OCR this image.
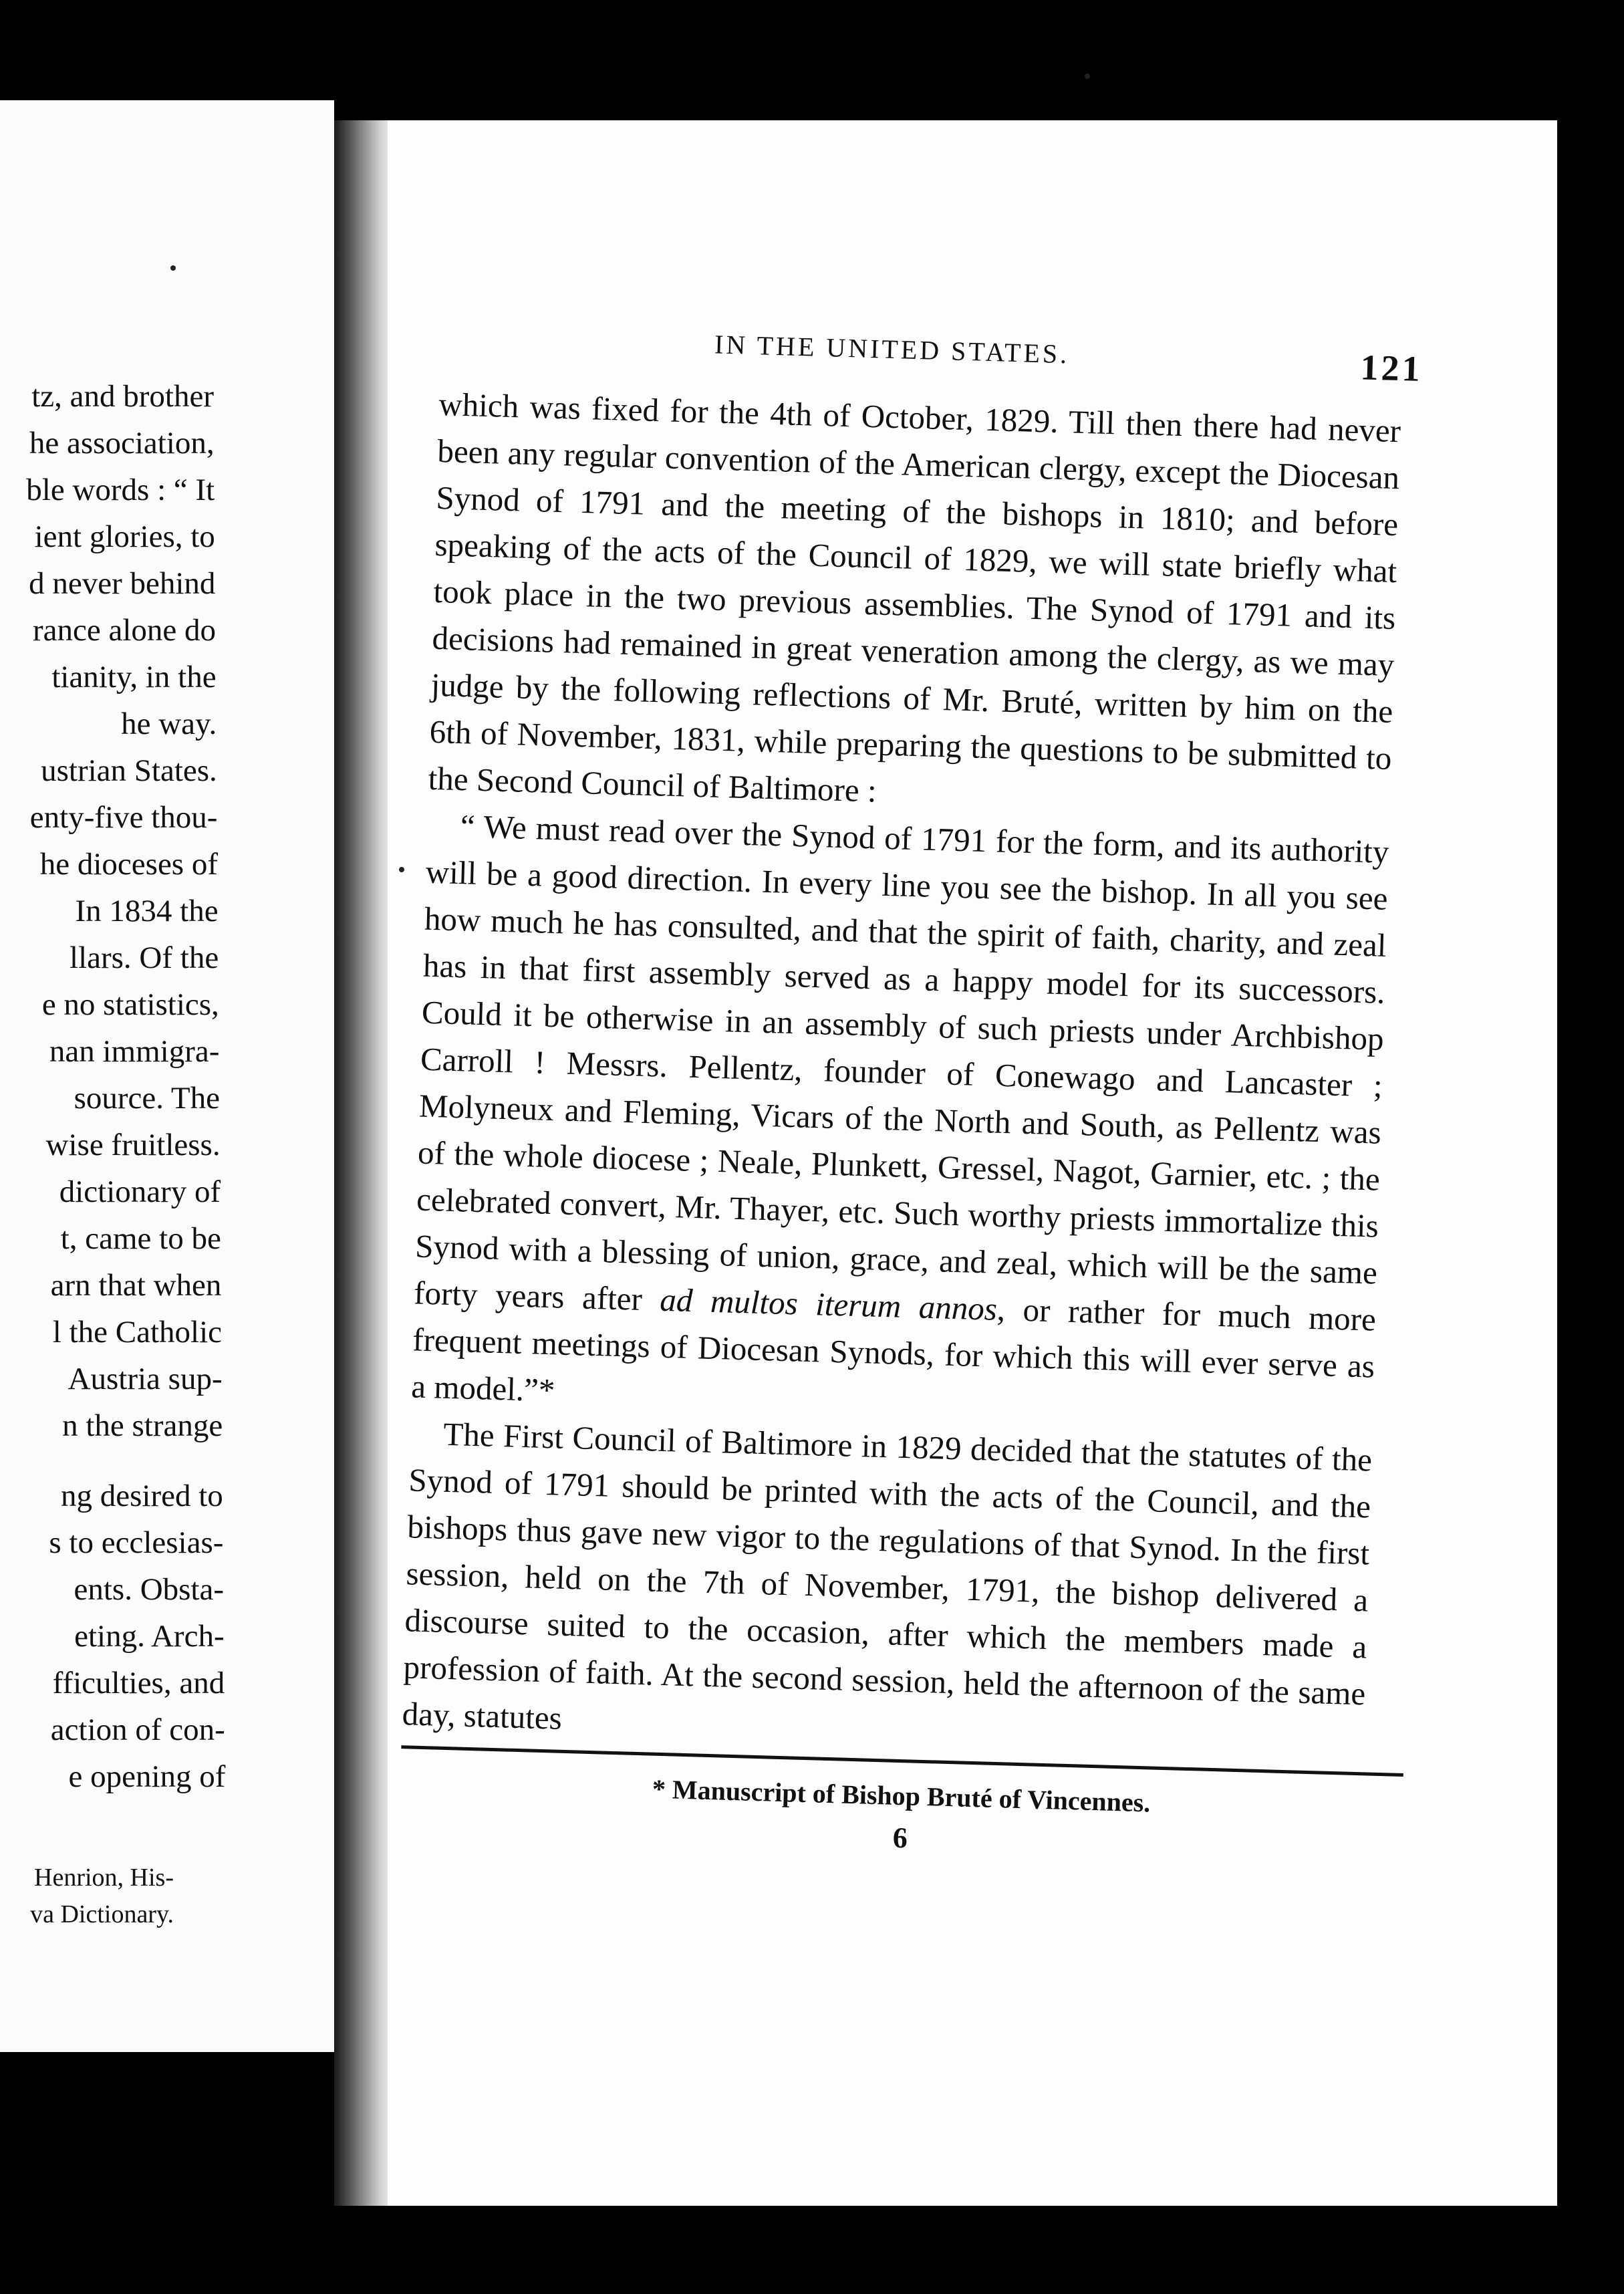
tz, and brother
he association,
ble words : “ It
ient glories, to
d never behind
rance alone do
tianity, in the
he way.
ustrian States.
enty-five thou-
he dioceses of
In 1834 the
llars. Of the
e no statistics,
nan immigra-
source. The
wise fruitless.
dictionary of
t, came to be
arn that when
l the Catholic
Austria sup-
n the strange
ng desired to
s to ecclesias-
ents. Obsta-
eting. Arch-
fficulties, and
action of con-
e opening of
Henrion, His-
va Dictionary.
IN THE UNITED STATES.	121

which was fixed for the 4th of October, 1829. Till then there had never been any regular convention of the American clergy, except the Diocesan Synod of 1791 and the meeting of the bishops in 1810; and before speaking of the acts of the Council of 1829, we will state briefly what took place in the two previous assemblies. The Synod of 1791 and its decisions had remained in great veneration among the clergy, as we may judge by the following reflections of Mr. Bruté, written by him on the 6th of November, 1831, while preparing the questions to be submitted to the Second Council of Baltimore :

“ We must read over the Synod of 1791 for the form, and its authority will be a good direction. In every line you see the bishop. In all you see how much he has consulted, and that the spirit of faith, charity, and zeal has in that first assembly served as a happy model for its successors. Could it be otherwise in an assembly of such priests under Archbishop Carroll ! Messrs. Pellentz, founder of Conewago and Lancaster ; Molyneux and Fleming, Vicars of the North and South, as Pellentz was of the whole diocese ; Neale, Plunkett, Gressel, Nagot, Garnier, etc. ; the celebrated convert, Mr. Thayer, etc. Such worthy priests immortalize this Synod with a blessing of union, grace, and zeal, which will be the same forty years after ad multos iterum annos, or rather for much more frequent meetings of Diocesan Synods, for which this will ever serve as a model.”*

The First Council of Baltimore in 1829 decided that the statutes of the Synod of 1791 should be printed with the acts of the Council, and the bishops thus gave new vigor to the regulations of that Synod. In the first session, held on the 7th of November, 1791, the bishop delivered a discourse suited to the occasion, after which the members made a profession of faith. At the second session, held the afternoon of the same day, statutes

* Manuscript of Bishop Bruté of Vincennes.
6
